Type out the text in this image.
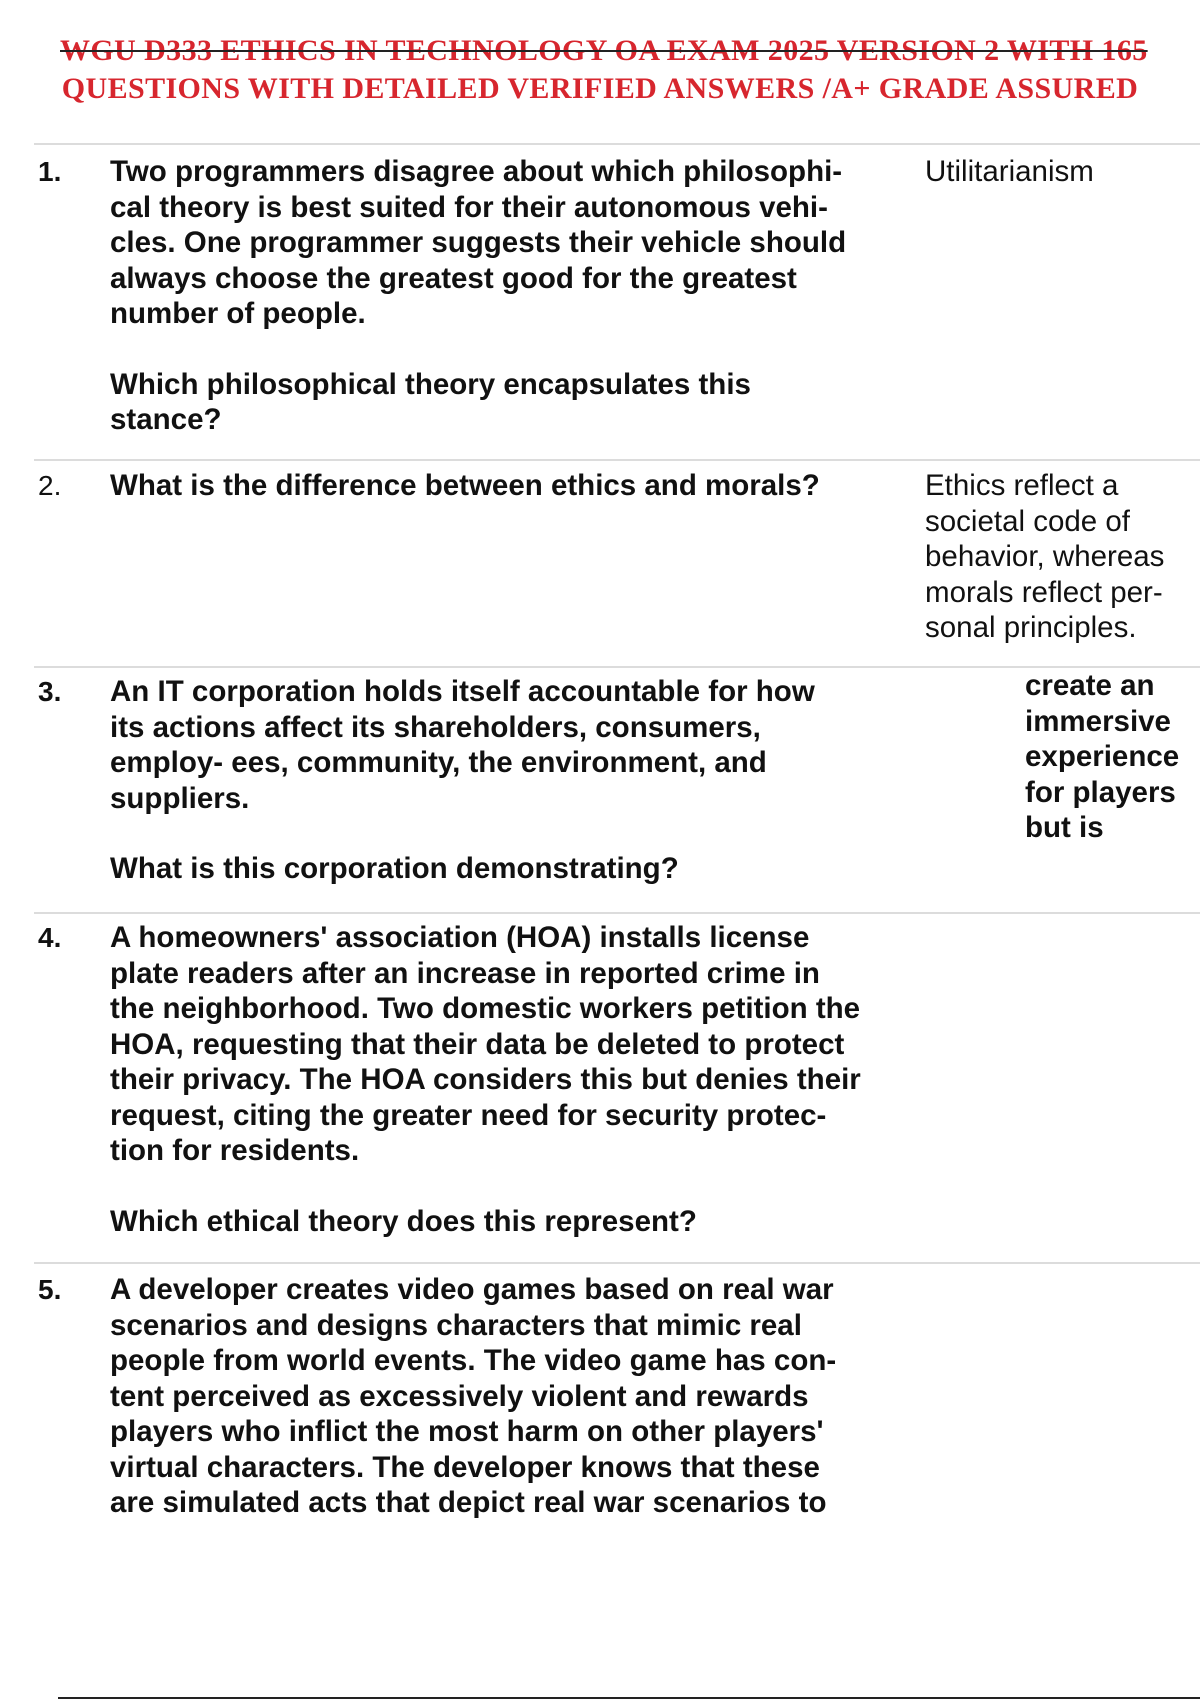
WGU D333 ETHICS IN TECHNOLOGY OA EXAM 2025 VERSION 2 WITH 165
QUESTIONS WITH DETAILED VERIFIED ANSWERS /A+ GRADE ASSURED
1. Two programmers disagree about which philosophi-
cal theory is best suited for their autonomous vehi-
cles. One programmer suggests their vehicle should
always choose the greatest good for the greatest
number of people.

Which philosophical theory encapsulates this
stance?

Utilitarianism
2. What is the difference between ethics and morals?	Ethics reflect a
societal code of
behavior, whereas
morals reflect per-
sonal principles.
3. An IT corporation holds itself accountable for how
its actions affect its shareholders, consumers,
employ- ees, community, the environment, and
suppliers.

What is this corporation demonstrating?

create an
immersive
experience
for players
but is
4. A homeowners' association (HOA) installs license
plate readers after an increase in reported crime in
the neighborhood. Two domestic workers petition the
HOA, requesting that their data be deleted to protect
their privacy. The HOA considers this but denies their
request, citing the greater need for security protec-
tion for residents.

Which ethical theory does this represent?

5. A developer creates video games based on real war
scenarios and designs characters that mimic real
people from world events. The video game has con-
tent perceived as excessively violent and rewards
players who inflict the most harm on other players'
virtual characters. The developer knows that these
are simulated acts that depict real war scenarios to
